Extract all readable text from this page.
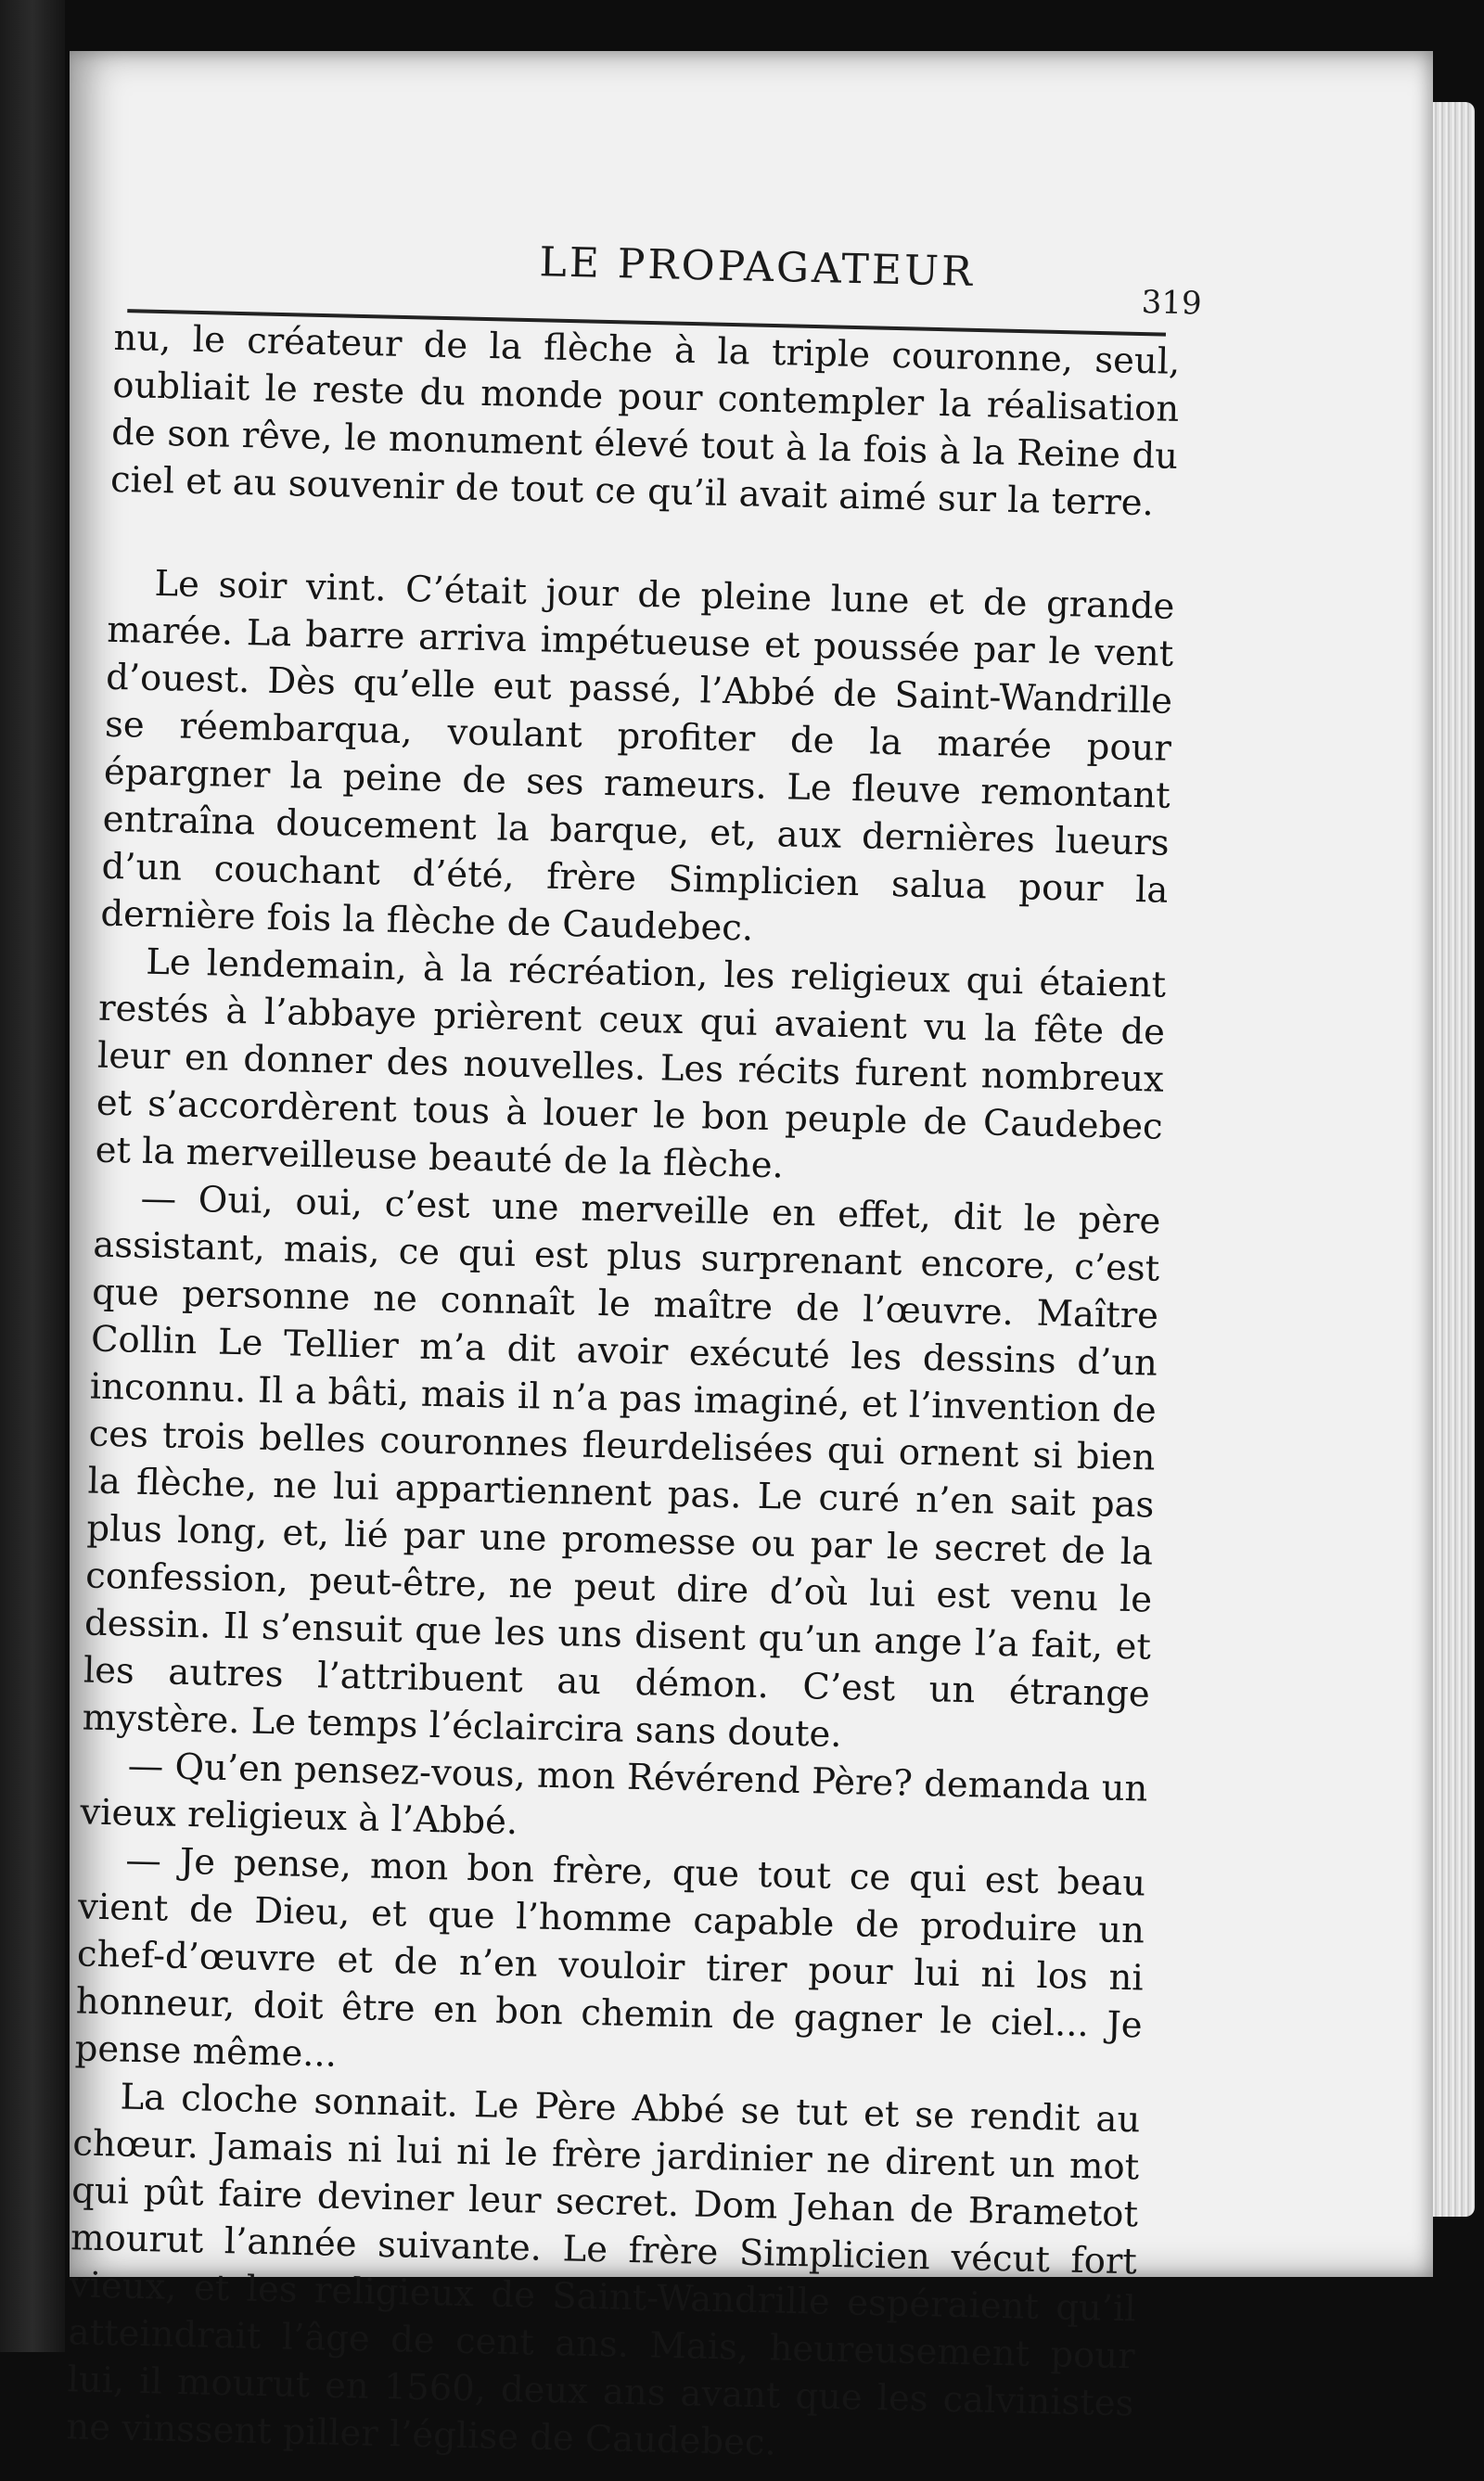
LE PROPAGATEUR
319

nu, le créateur de la flèche à la triple couronne, seul, oubliait le reste du monde pour contempler la réalisation de son rêve, le monument élevé tout à la fois à la Reine du ciel et au souvenir de tout ce qu’il avait aimé sur la terre.

Le soir vint. C’était jour de pleine lune et de grande marée. La barre arriva impétueuse et poussée par le vent d’ouest. Dès qu’elle eut passé, l’Abbé de Saint-Wandrille se réembarqua, voulant profiter de la marée pour épargner la peine de ses rameurs. Le fleuve remontant entraîna doucement la barque, et, aux dernières lueurs d’un couchant d’été, frère Simplicien salua pour la dernière fois la flèche de Caudebec.

Le lendemain, à la récréation, les religieux qui étaient restés à l’abbaye prièrent ceux qui avaient vu la fête de leur en donner des nouvelles. Les récits furent nombreux et s’accordèrent tous à louer le bon peuple de Caudebec et la merveilleuse beauté de la flèche.

— Oui, oui, c’est une merveille en effet, dit le père assistant, mais, ce qui est plus surprenant encore, c’est que personne ne connaît le maître de l’œuvre. Maître Collin Le Tellier m’a dit avoir exécuté les dessins d’un inconnu. Il a bâti, mais il n’a pas imaginé, et l’invention de ces trois belles couronnes fleurdelisées qui ornent si bien la flèche, ne lui appartiennent pas. Le curé n’en sait pas plus long, et, lié par une promesse ou par le secret de la confession, peut-être, ne peut dire d’où lui est venu le dessin. Il s’ensuit que les uns disent qu’un ange l’a fait, et les autres l’attribuent au démon. C’est un étrange mystère. Le temps l’éclaircira sans doute.

— Qu’en pensez-vous, mon Révérend Père? demanda un vieux religieux à l’Abbé.

— Je pense, mon bon frère, que tout ce qui est beau vient de Dieu, et que l’homme capable de produire un chef-d’œuvre et de n’en vouloir tirer pour lui ni los ni honneur, doit être en bon chemin de gagner le ciel... Je pense même...

La cloche sonnait. Le Père Abbé se tut et se rendit au chœur. Jamais ni lui ni le frère jardinier ne dirent un mot qui pût faire deviner leur secret. Dom Jehan de Brametot mourut l’année suivante. Le frère Simplicien vécut fort vieux, et les religieux de Saint-Wandrille espéraient qu’il atteindrait l’âge de cent ans. Mais, heureusement pour lui, il mourut en 1560, deux ans avant que les calvinistes ne vinssent piller l’église de Caudebec.
